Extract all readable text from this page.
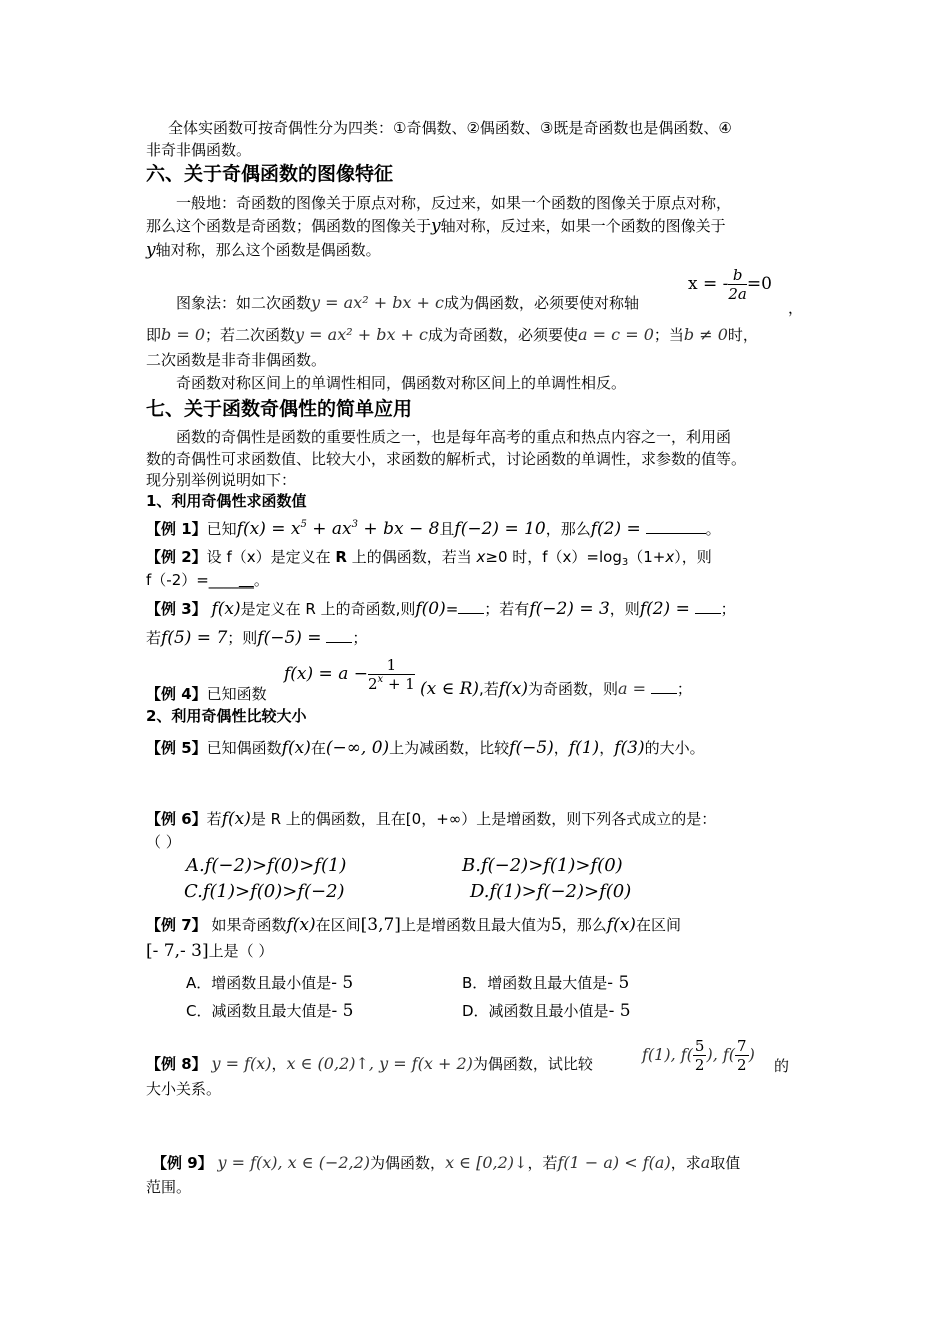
全体实函数可按奇偶性分为四类：①奇偶数、②偶函数、③既是奇函数也是偶函数、④
非奇非偶函数。
六、关于奇偶函数的图像特征
一般地：奇函数的图像关于原点对称，反过来，如果一个函数的图像关于原点对称，
那么这个函数是奇函数；偶函数的图像关于y轴对称，反过来，如果一个函数的图像关于
y轴对称，那么这个函数是偶函数。
图象法：如二次函数y = ax² + bx + c成为偶函数，必须要使对称轴
x = - $\frac{b}{2a} =0$
，
即b = 0；若二次函数y = ax² + bx + c成为奇函数，必须要使a = c = 0；当b ≠ 0时，
二次函数是非奇非偶函数。
奇函数对称区间上的单调性相同，偶函数对称区间上的单调性相反。
七、关于函数奇偶性的简单应用
函数的奇偶性是函数的重要性质之一，也是每年高考的重点和热点内容之一，利用函
数的奇偶性可求函数值、比较大小，求函数的解析式，讨论函数的单调性，求参数的值等。
现分别举例说明如下：
1、利用奇偶性求函数值
【例 1】已知$f(x) = x^5 + ax^3$ + bx − 8且f(−2) = 10，那么f(2) =	。
【例 2】设 f（x）是定义在 R 上的偶函数，若当 x≥0 时，$f(x)=\log_3(1+x)$，则
f（-2）=______。
【例 3】 f(x)是定义在 R 上的奇函数,则f(0)= ；若有f(−2) = 3，则f(2) = ；
若f(5) = 7；则f(−5) = ；
【例 4】已知函数
$f(x) = a - \frac{1}{2^x + 1} (x$ ∈ R),若f(x)为奇函数，则a = ；
2、利用奇偶性比较大小
【例 5】已知偶函数f(x)在(−∞, 0)上为减函数，比较f(−5)，f(1)，f(3)的大小。
【例 6】若f(x)是 R 上的偶函数，且在[0，+∞）上是增函数，则下列各式成立的是：
（ ）
A.f(−2)>f(0)>f(1)	B.f(−2)>f(1)>f(0)
C.f(1)>f(0)>f(−2)	D.f(1)>f(−2)>f(0)
【例 7】 如果奇函数f(x)在区间[3,7]上是增函数且最大值为5，那么f(x)在区间
[- 7,- 3]上是（ ）
A．增函数且最小值是- 5	B．增函数且最大值是- 5
C．减函数且最大值是- 5	D．减函数且最小值是- 5
【例 8】 y = f(x)，x ∈ (0,2)↑, y = f(x + 2)为偶函数，试比较	f(1), $f( \frac{5}{2}$ ), $f( \frac{7}{2}$ )
的
大小关系。
【例 9】 y = f(x), x ∈ (−2,2)为偶函数，x ∈ [0,2)↓，若f(1 − a) < f(a)，求a取值
范围。
